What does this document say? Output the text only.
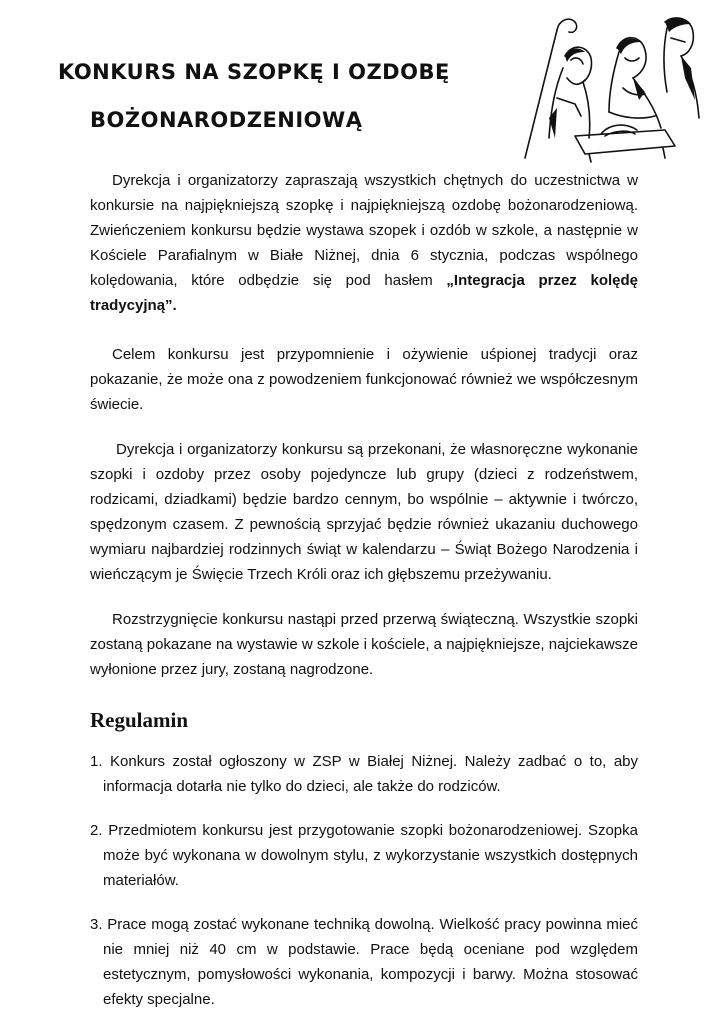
KONKURS NA SZOPKĘ I OZDOBĘ
BOŻONARODZENIOWĄ

Dyrekcja i organizatorzy zapraszają wszystkich chętnych do uczestnictwa w konkursie na najpiękniejszą szopkę i najpiękniejszą ozdobę bożonarodzeniową. Zwieńczeniem konkursu będzie wystawa szopek i ozdób w szkole, a następnie w Kościele Parafialnym w Białe Niżnej, dnia 6 stycznia, podczas wspólnego kolędowania, które odbędzie się pod hasłem „Integracja przez kolędę tradycyjną”.

Celem konkursu jest przypomnienie i ożywienie uśpionej tradycji oraz pokazanie, że może ona z powodzeniem funkcjonować również we współczesnym świecie.

Dyrekcja i organizatorzy konkursu są przekonani, że własnoręczne wykonanie szopki i ozdoby przez osoby pojedyncze lub grupy (dzieci z rodzeństwem, rodzicami, dziadkami) będzie bardzo cennym, bo wspólnie – aktywnie i twórczo, spędzonym czasem. Z pewnością sprzyjać będzie również ukazaniu duchowego wymiaru najbardziej rodzinnych świąt w kalendarzu – Świąt Bożego Narodzenia i wieńczącym je Święcie Trzech Króli oraz ich głębszemu przeżywaniu.

Rozstrzygnięcie konkursu nastąpi przed przerwą świąteczną. Wszystkie szopki zostaną pokazane na wystawie w szkole i kościele, a najpiękniejsze, najciekawsze wyłonione przez jury, zostaną nagrodzone.

Regulamin
1. Konkurs został ogłoszony w ZSP w Białej Niżnej. Należy zadbać o to, aby informacja dotarła nie tylko do dzieci, ale także do rodziców.
2. Przedmiotem konkursu jest przygotowanie szopki bożonarodzeniowej. Szopka może być wykonana w dowolnym stylu, z wykorzystanie wszystkich dostępnych materiałów.
3. Prace mogą zostać wykonane techniką dowolną. Wielkość pracy powinna mieć nie mniej niż 40 cm w podstawie. Prace będą oceniane pod względem estetycznym, pomysłowości wykonania, kompozycji i barwy. Można stosować efekty specjalne.
